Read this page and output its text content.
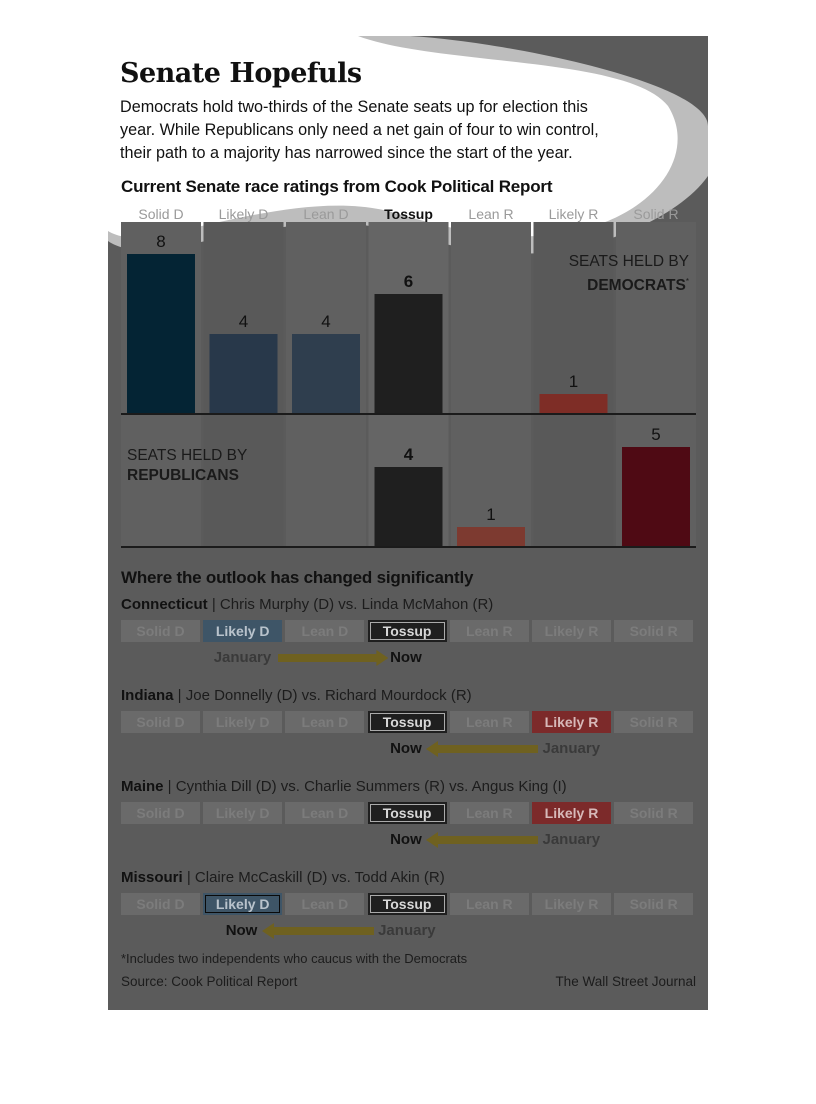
Senate Hopefuls
Democrats hold two-thirds of the Senate seats up for election this
year. While Republicans only need a net gain of four to win control,
their path to a majority has narrowed since the start of the year.
Current Senate race ratings from Cook Political Report
Solid D	Likely D	Lean D	Tossup	Lean R	Likely R	Solid R
8
4	4
6
1
4
1
5
SEATS HELD BY
DEMOCRATS*
SEATS HELD BY
REPUBLICANS
Where the outlook has changed significantly
Connecticut | Chris Murphy (D) vs. Linda McMahon (R)
Solid D	Likely D	Lean D	Tossup	Lean R	Likely R	Solid R
Now
January
Indiana | Joe Donnelly (D) vs. Richard Mourdock (R)
Solid D	Likely D	Lean D	Tossup	Lean R	Likely R	Solid R
Now	January
Maine | Cynthia Dill (D) vs. Charlie Summers (R) vs. Angus King (I)
Solid D	Likely D	Lean D	Tossup	Lean R	Likely R	Solid R
Now	January
Missouri | Claire McCaskill (D) vs. Todd Akin (R)
Solid D	Likely D	Lean D	Tossup	Lean R	Likely R	Solid R
Now	January
*Includes two independents who caucus with the Democrats
Source: Cook Political Report	The Wall Street Journal
